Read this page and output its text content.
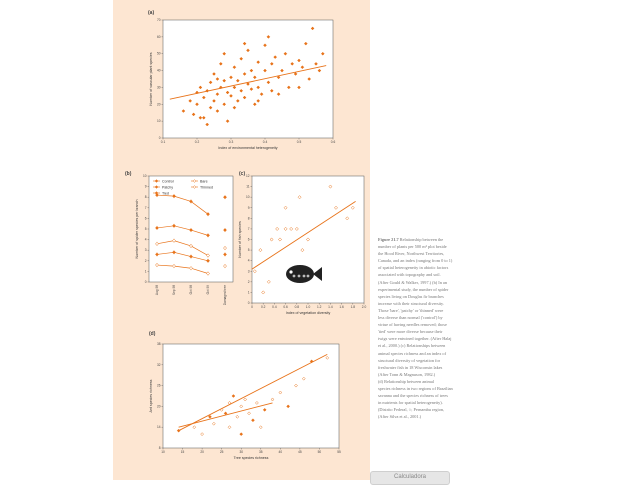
(a)
(b)	(c)
(d)
0.1	0.2	0.3	0.4	0.5	0.6
0
10
20
30
40
50
60
70
Index of environmental heterogeneity
Number of vascular plant species
0
1
2
3
4
5
6
7
8
9
10
Number of spider species per branch
Aug 98	Sep 98	Oct 98	Oct 99	Damaged tree
Control	Bare
Patchy	Thinned
Tied
0	0.2 0.4 0.6 0.8 1.0 1.2 1.4 1.6 1.8 2.0
0
1
2
3
4
5
6
7
8
9
10
11
12
Index of vegetation diversity
Number of fish species
10	15	20	25	30	35	40	45	50	55
8
14
20
26
32
38
Tree species richness
Ant species richness
Figure 21.7 Relationship between the
number of plants per 500 m² plot beside
the Hood River, Northwest Territories,
Canada, and an index (ranging from 0 to 1)
of spatial heterogeneity in abiotic factors
associated with topography and soil.
(After Gould & Walker, 1997.) (b) In an
experimental study, the number of spider
species living on Douglas fir branches
increase with their structural diversity.
Those 'bare', 'patchy' or 'thinned' were
less diverse than normal ('control') by
virtue of having needles removed; those
'tied' were more diverse because their
twigs were entwined together. (After Halaj
et al., 2000.) (c) Relationships between
animal species richness and an index of
structural diversity of vegetation for
freshwater fish in 18 Wisconsin lakes
(After Tonn & Magnuson, 1982.)
(d) Relationship between animal
species richness in two regions of Brazilian
savanna and the species richness of trees
in nutrients for spatial heterogeneity).
(Distrito Federal, ○; Pernambu region,
(After Silva et al., 2001.)
Calculadora
